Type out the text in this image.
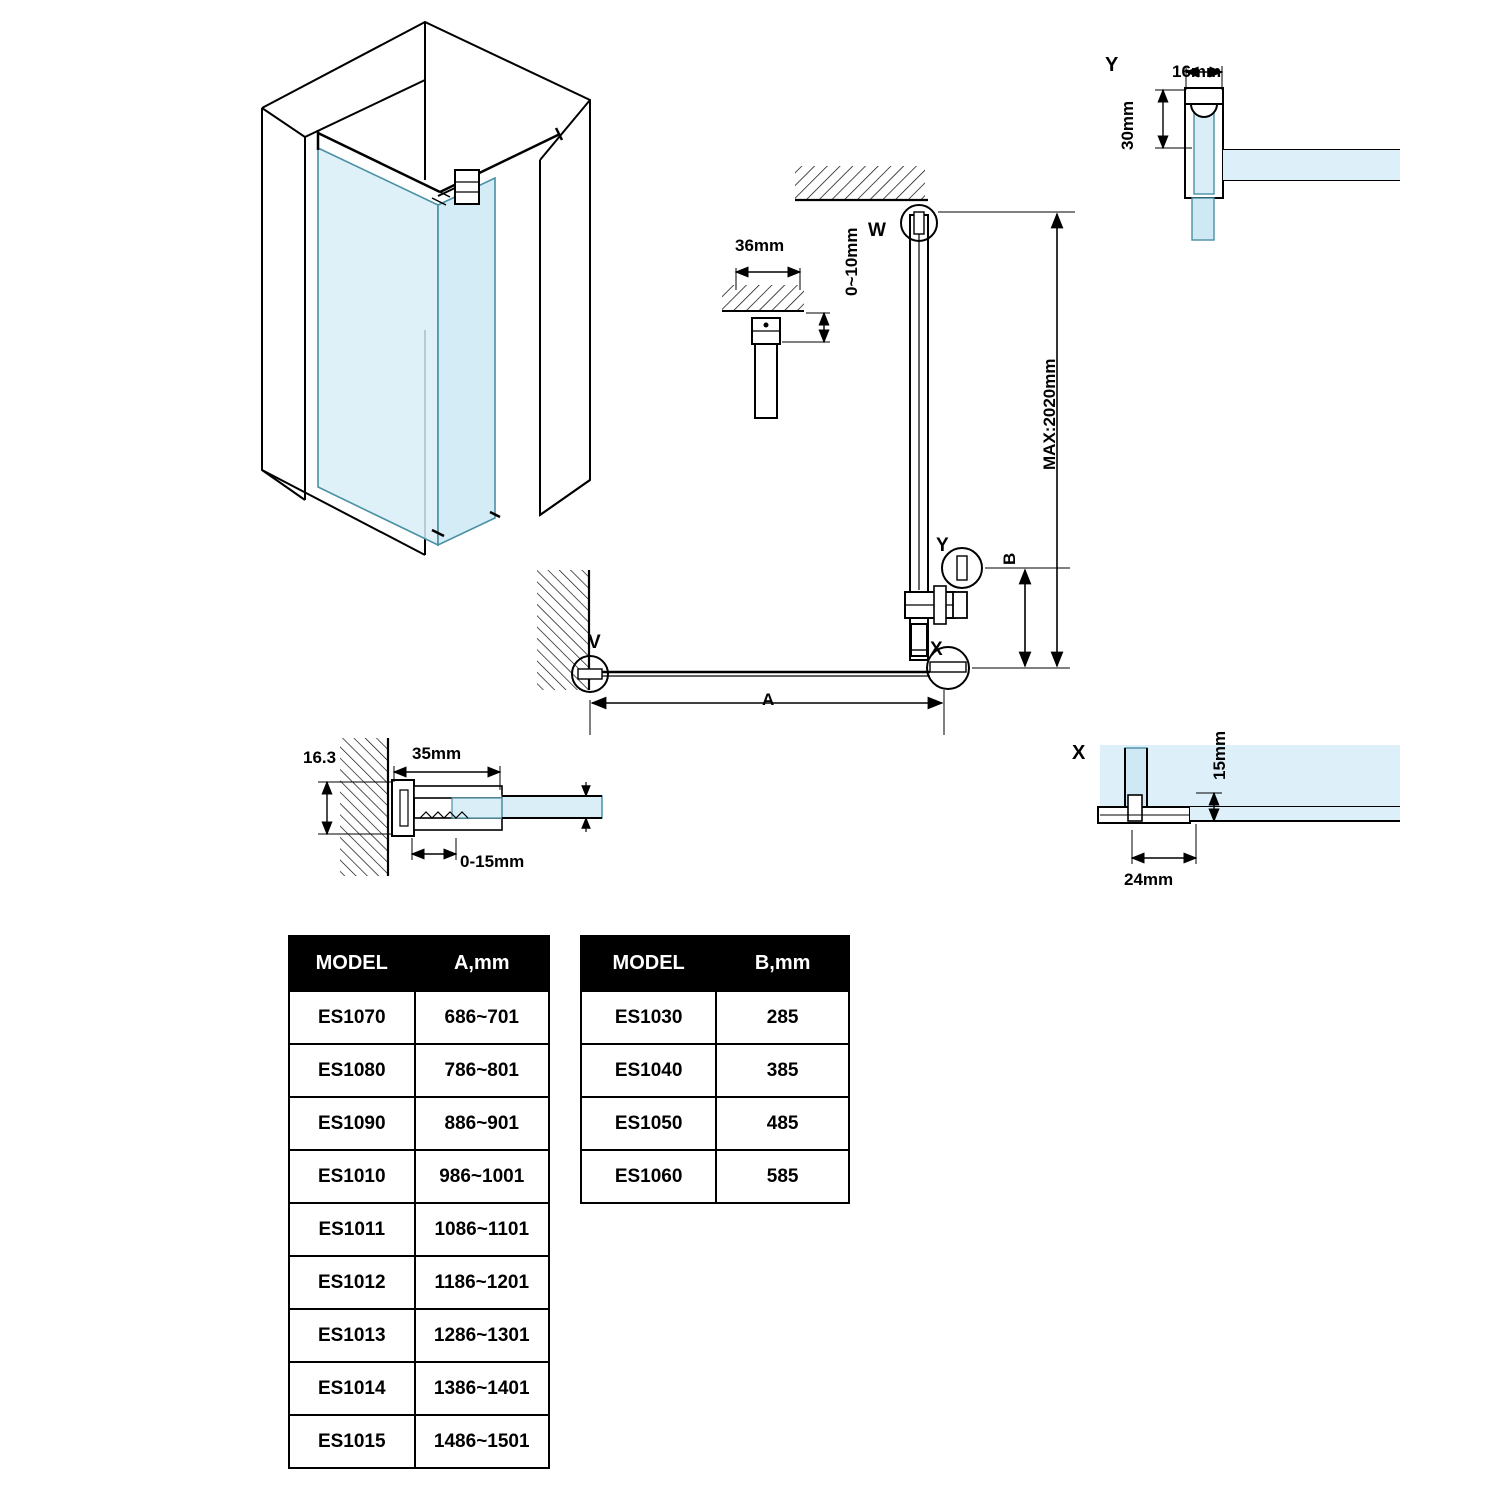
W
Y
X
V
Y	16mm
30mm
36mm	0~10mm
B
MAX:2020mm
A
16.3	35mm
0-15mm
X
24mm
15mm
MODEL	A,mm
ES1070	686~701
ES1080	786~801
ES1090	886~901
ES1010	986~1001
ES1011	1086~1101
ES1012	1186~1201
ES1013	1286~1301
ES1014	1386~1401
ES1015	1486~1501
MODEL	B,mm
ES1030	285
ES1040	385
ES1050	485
ES1060	585
